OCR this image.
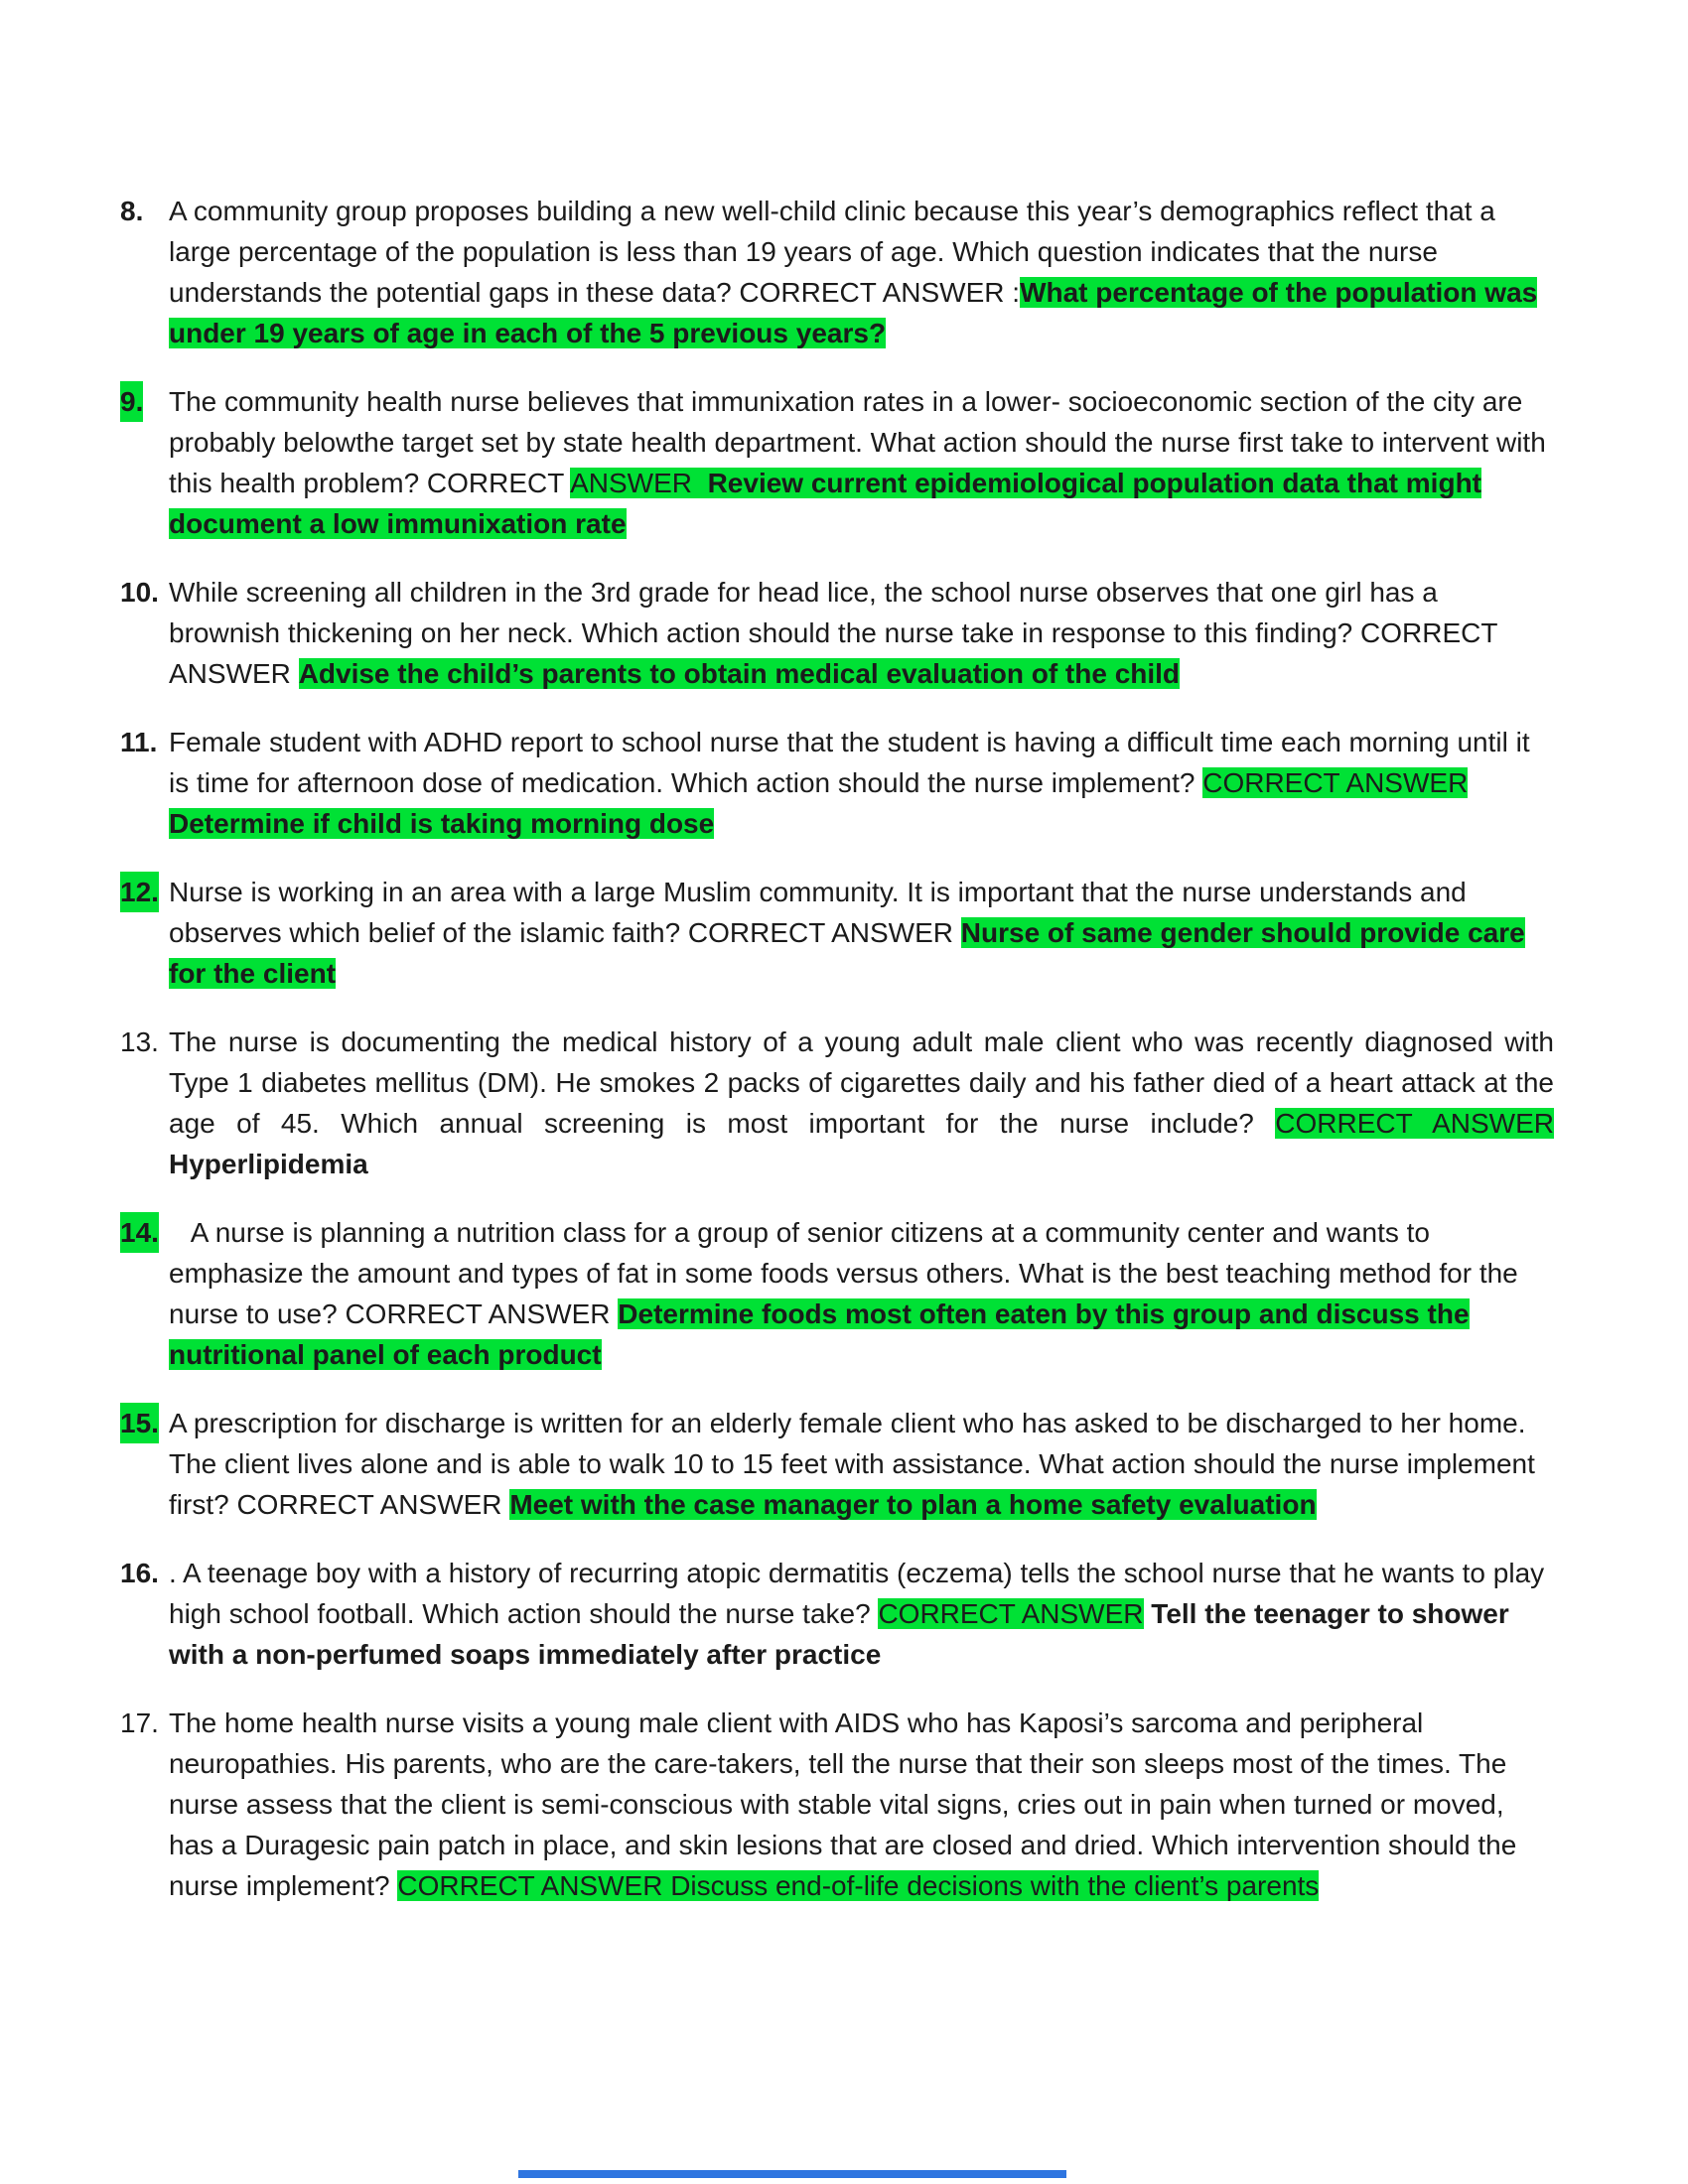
8. A community group proposes building a new well-child clinic because this year’s demographics reflect that a large percentage of the population is less than 19 years of age. Which question indicates that the nurse understands the potential gaps in these data? CORRECT ANSWER :What percentage of the population was under 19 years of age in each of the 5 previous years?
9. The community health nurse believes that immunixation rates in a lower- socioeconomic section of the city are probably belowthe target set by state health department. What action should the nurse first take to intervent with this health problem? CORRECT ANSWER  Review current epidemiological population data that might document a low immunixation rate
10. While screening all children in the 3rd grade for head lice, the school nurse observes that one girl has a brownish thickening on her neck. Which action should the nurse take in response to this finding? CORRECT ANSWER Advise the child’s parents to obtain medical evaluation of the child
11. Female student with ADHD report to school nurse that the student is having a difficult time each morning until it is time for afternoon dose of medication. Which action should the nurse implement? CORRECT ANSWER Determine if child is taking morning dose
12. Nurse is working in an area with a large Muslim community. It is important that the nurse understands and observes which belief of the islamic faith? CORRECT ANSWER Nurse of same gender should provide care for the client
13. The nurse is documenting the medical history of a young adult male client who was recently diagnosed with Type 1 diabetes mellitus (DM). He smokes 2 packs of cigarettes daily and his father died of a heart attack at the age of 45. Which annual screening is most important for the nurse include? CORRECT ANSWER Hyperlipidemia
14. A nurse is planning a nutrition class for a group of senior citizens at a community center and wants to emphasize the amount and types of fat in some foods versus others. What is the best teaching method for the nurse to use? CORRECT ANSWER Determine foods most often eaten by this group and discuss the nutritional panel of each product
15. A prescription for discharge is written for an elderly female client who has asked to be discharged to her home. The client lives alone and is able to walk 10 to 15 feet with assistance. What action should the nurse implement first? CORRECT ANSWER Meet with the case manager to plan a home safety evaluation
16. . A teenage boy with a history of recurring atopic dermatitis (eczema) tells the school nurse that he wants to play high school football. Which action should the nurse take? CORRECT ANSWER Tell the teenager to shower with a non-perfumed soaps immediately after practice
17. The home health nurse visits a young male client with AIDS who has Kaposi’s sarcoma and peripheral neuropathies. His parents, who are the care-takers, tell the nurse that their son sleeps most of the times. The nurse assess that the client is semi-conscious with stable vital signs, cries out in pain when turned or moved, has a Duragesic pain patch in place, and skin lesions that are closed and dried. Which intervention should the nurse implement? CORRECT ANSWER Discuss end-of-life decisions with the client’s parents
